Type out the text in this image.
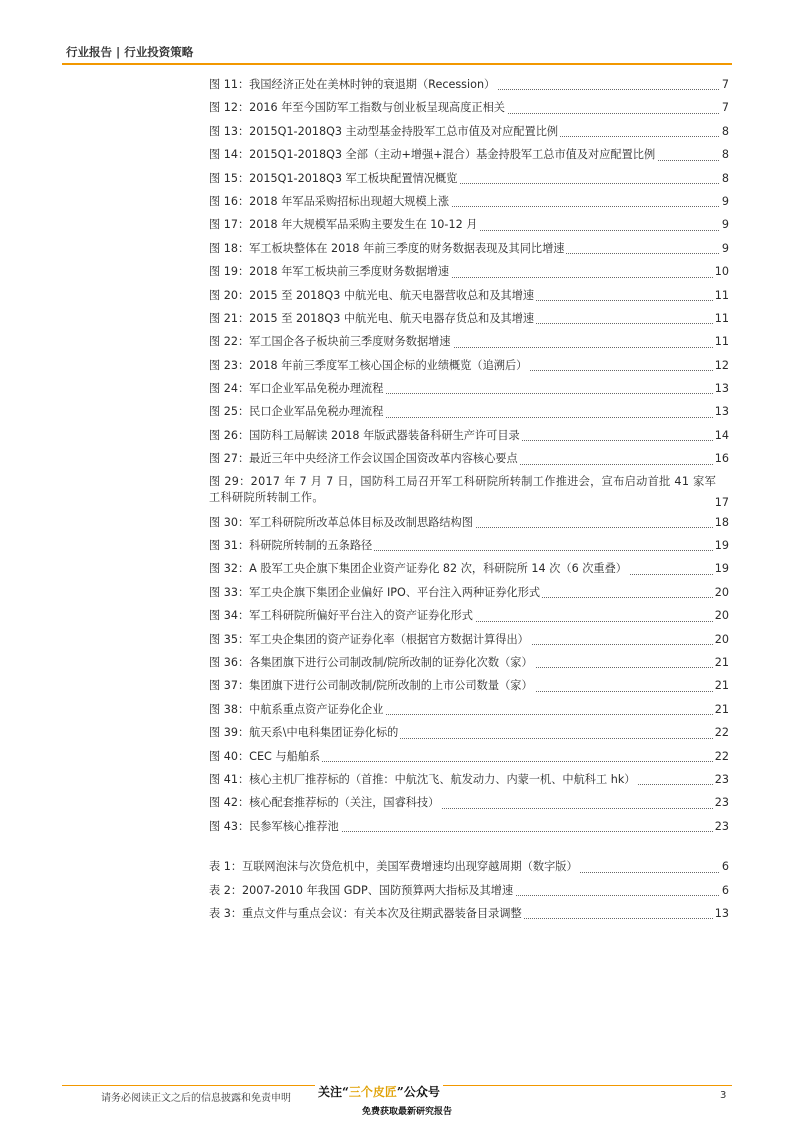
行业报告 | 行业投资策略
图 11：我国经济正处在美林时钟的衰退期（Recession）	7
图 12：2016 年至今国防军工指数与创业板呈现高度正相关	7
图 13：2015Q1-2018Q3 主动型基金持股军工总市值及对应配置比例	8
图 14：2015Q1-2018Q3 全部（主动+增强+混合）基金持股军工总市值及对应配置比例	8
图 15：2015Q1-2018Q3 军工板块配置情况概览	8
图 16：2018 年军品采购招标出现超大规模上涨	9
图 17：2018 年大规模军品采购主要发生在 10-12 月	9
图 18：军工板块整体在 2018 年前三季度的财务数据表现及其同比增速	9
图 19：2018 年军工板块前三季度财务数据增速	10
图 20：2015 至 2018Q3 中航光电、航天电器营收总和及其增速	11
图 21：2015 至 2018Q3 中航光电、航天电器存货总和及其增速	11
图 22：军工国企各子板块前三季度财务数据增速	11
图 23：2018 年前三季度军工核心国企标的业绩概览（追溯后）	12
图 24：军口企业军品免税办理流程	13
图 25：民口企业军品免税办理流程	13
图 26：国防科工局解读 2018 年版武器装备科研生产许可目录	14
图 27：最近三年中央经济工作会议国企国资改革内容核心要点	16
图 29：2017 年 7 月 7 日，国防科工局召开军工科研院所转制工作推进会，宣布启动首批 41 家军工科研院所转制工作。	17
图 30：军工科研院所改革总体目标及改制思路结构图	18
图 31：科研院所转制的五条路径	19
图 32：A 股军工央企旗下集团企业资产证券化 82 次，科研院所 14 次（6 次重叠）	19
图 33：军工央企旗下集团企业偏好 IPO、平台注入两种证券化形式	20
图 34：军工科研院所偏好平台注入的资产证券化形式	20
图 35：军工央企集团的资产证券化率（根据官方数据计算得出）	20
图 36：各集团旗下进行公司制改制/院所改制的证券化次数（家）	21
图 37：集团旗下进行公司制改制/院所改制的上市公司数量（家）	21
图 38：中航系重点资产证券化企业	21
图 39：航天系\中电科集团证券化标的	22
图 40：CEC 与船舶系	22
图 41：核心主机厂推荐标的（首推：中航沈飞、航发动力、内蒙一机、中航科工 hk）	23
图 42：核心配套推荐标的（关注，国睿科技）	23
图 43：民参军核心推荐池	23
表 1：互联网泡沫与次贷危机中，美国军费增速均出现穿越周期（数字版）	6
表 2：2007-2010 年我国 GDP、国防预算两大指标及其增速	6
表 3：重点文件与重点会议：有关本次及往期武器装备目录调整	13
请务必阅读正文之后的信息披露和免责申明	关注“三个皮匠”公众号
免费获取最新研究报告
3
